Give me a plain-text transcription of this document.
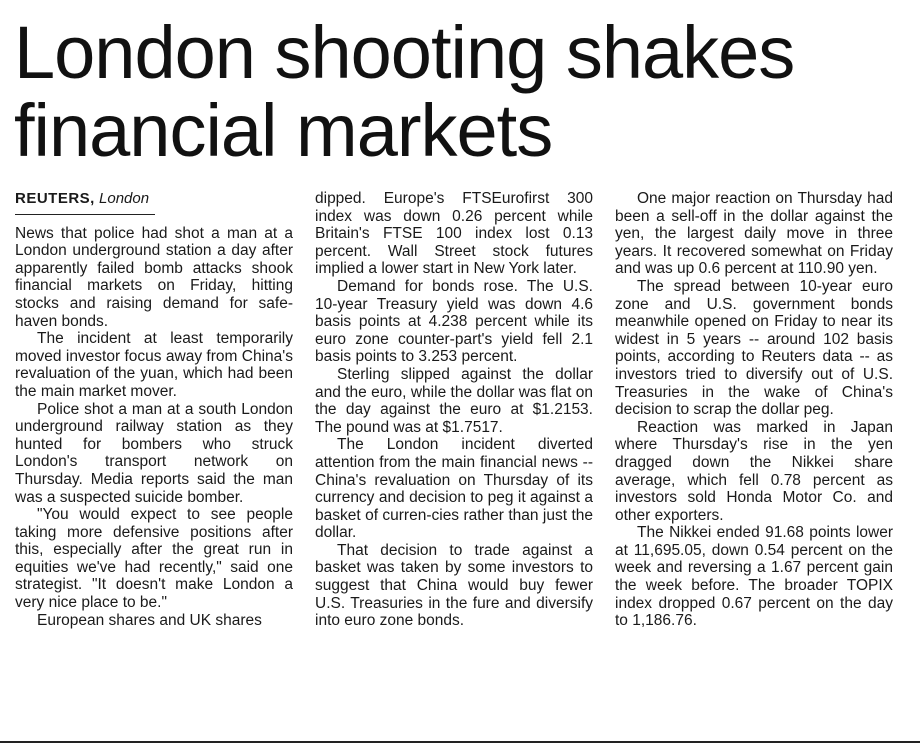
London shooting shakes financial markets
REUTERS, London

News that police had shot a man at a London underground station a day after apparently failed bomb attacks shook financial markets on Friday, hitting stocks and raising demand for safe-haven bonds.

The incident at least temporarily moved investor focus away from China's revaluation of the yuan, which had been the main market mover.

Police shot a man at a south London underground railway station as they hunted for bombers who struck London's transport network on Thursday. Media reports said the man was a suspected suicide bomber.

"You would expect to see people taking more defensive positions after this, especially after the great run in equities we've had recently," said one strategist. "It doesn't make London a very nice place to be."

European shares and UK shares

dipped. Europe's FTSEurofirst 300 index was down 0.26 percent while Britain's FTSE 100 index lost 0.13 percent. Wall Street stock futures implied a lower start in New York later.

Demand for bonds rose. The U.S. 10-year Treasury yield was down 4.6 basis points at 4.238 percent while its euro zone counter-part's yield fell 2.1 basis points to 3.253 percent.

Sterling slipped against the dollar and the euro, while the dollar was flat on the day against the euro at $1.2153. The pound was at $1.7517.

The London incident diverted attention from the main financial news -- China's revaluation on Thursday of its currency and decision to peg it against a basket of curren-cies rather than just the dollar.

That decision to trade against a basket was taken by some investors to suggest that China would buy fewer U.S. Treasuries in the fure and diversify into euro zone bonds.

One major reaction on Thursday had been a sell-off in the dollar against the yen, the largest daily move in three years. It recovered somewhat on Friday and was up 0.6 percent at 110.90 yen.

The spread between 10-year euro zone and U.S. government bonds meanwhile opened on Friday to near its widest in 5 years -- around 102 basis points, according to Reuters data -- as investors tried to diversify out of U.S. Treasuries in the wake of China's decision to scrap the dollar peg.

Reaction was marked in Japan where Thursday's rise in the yen dragged down the Nikkei share average, which fell 0.78 percent as investors sold Honda Motor Co. and other exporters.

The Nikkei ended 91.68 points lower at 11,695.05, down 0.54 percent on the week and reversing a 1.67 percent gain the week before. The broader TOPIX index dropped 0.67 percent on the day to 1,186.76.
